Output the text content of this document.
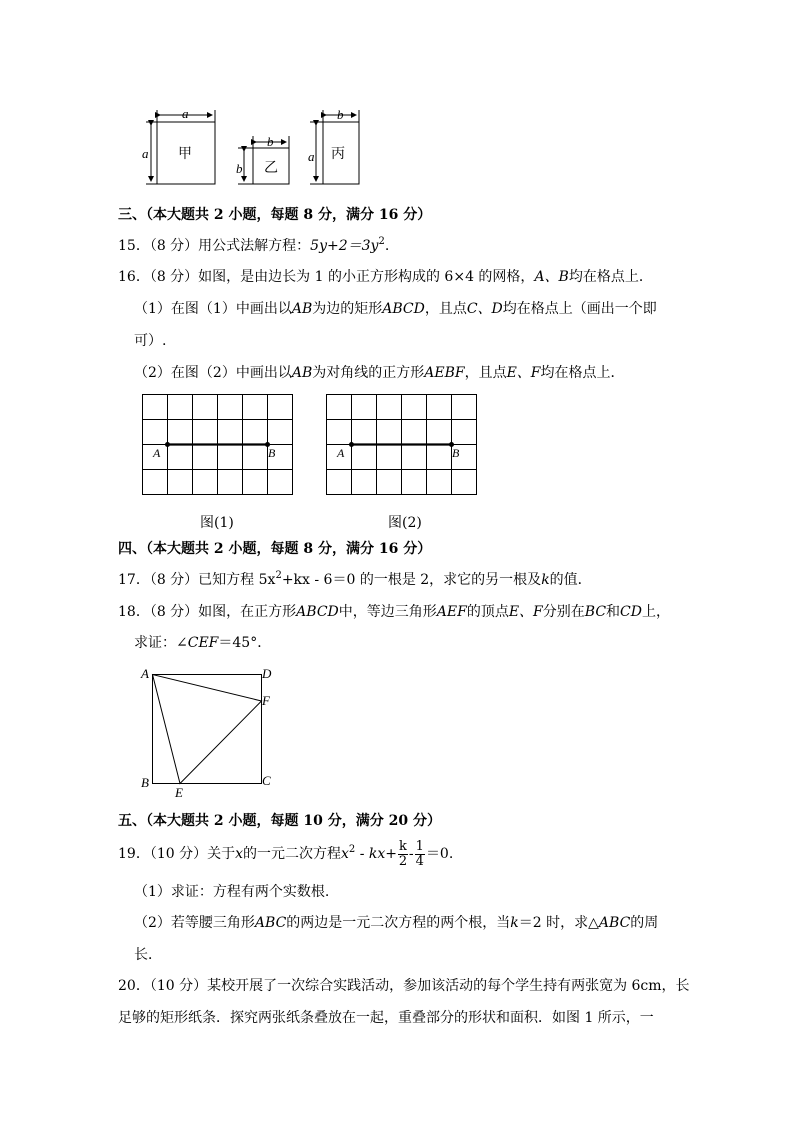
a
a 甲
b
b 乙
b
a 丙
三、（本大题共 2 小题，每题 8 分，满分 16 分）
15．（8 分）用公式法解方程：$5y+2=3y^2$.
16．（8 分）如图，是由边长为 1 的小正方形构成的 6×4 的网格，A、B均在格点上．
（1）在图（1）中画出以AB为边的矩形ABCD，且点C、D均在格点上（画出一个即
可）.
（2）在图（2）中画出以AB为对角线的正方形AEBF，且点E、F均在格点上．
A	B
图(1)
A	B
图(2)
四、（本大题共 2 小题，每题 8 分，满分 16 分）
17．（8 分）已知方程 $5x^2+kx - 6=0$ 的一根是 2，求它的另一根及k的值．
18．（8 分）如图，在正方形ABCD中，等边三角形AEF的顶点E、F分别在BC和CD上，
求证：∠CEF＝45°．
A	D
F
B	C
E
五、（本大题共 2 小题，每题 10 分，满分 20 分）
19．（10 分）关于x的一元二次方程$x^2 - kx+ \frac{k}{2} - \frac{1}{4} =0$.
（1）求证：方程有两个实数根.
（2）若等腰三角形ABC的两边是一元二次方程的两个根，当k＝2 时，求△ABC的周
长．
20．（10 分）某校开展了一次综合实践活动，参加该活动的每个学生持有两张宽为 6cm，长
足够的矩形纸条．探究两张纸条叠放在一起，重叠部分的形状和面积．如图 1 所示，一
